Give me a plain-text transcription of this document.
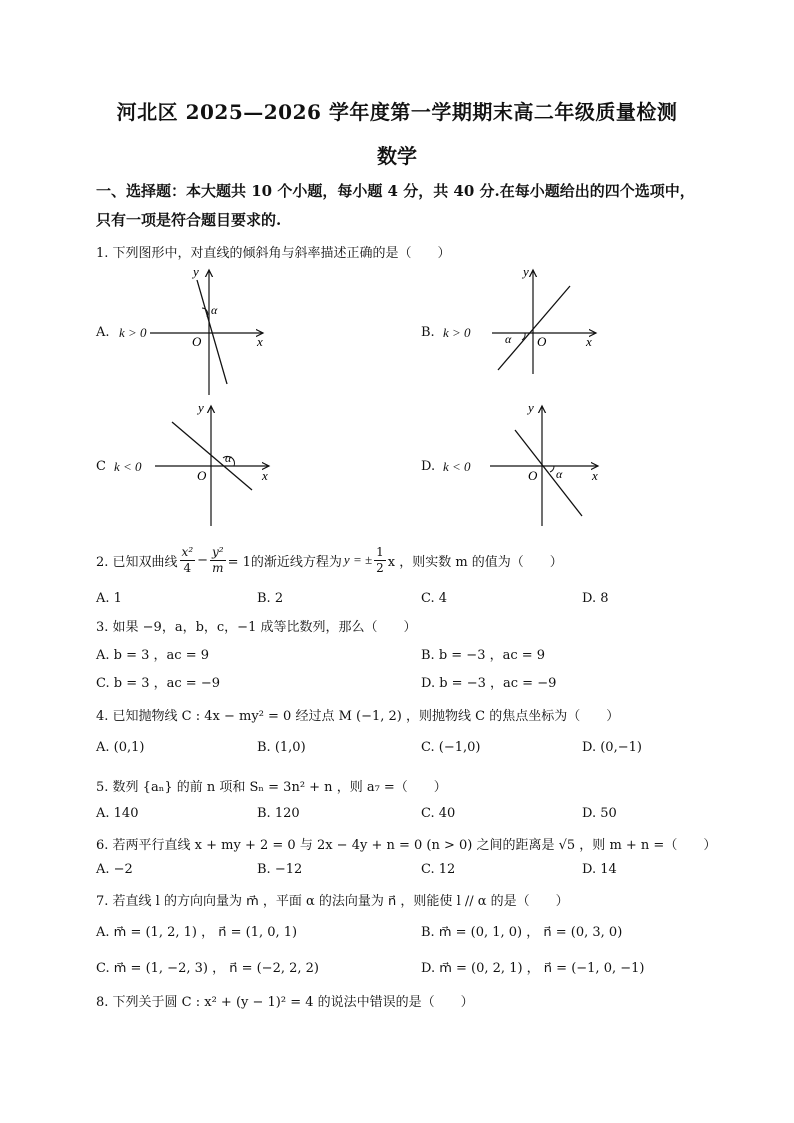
河北区 2025—2026 学年度第一学期期末高二年级质量检测
数学
一、选择题：本大题共 10 个小题，每小题 4 分，共 40 分.在每小题给出的四个选项中，
只有一项是符合题目要求的.
1. 下列图形中，对直线的倾斜角与斜率描述正确的是（　　）
A. k > 0
y
x
O
α
B. k > 0
y
x
O
α
C k < 0
y
x
O
α
D. k < 0
y
x
O α
2. 已知双曲线 $\frac{\text{x²}}{4} - \frac{\text{y²}}{m} = 1$的渐近线方程为 y = ± $\frac{1}{2}$ x ，则实数 m 的值为（　　）
A. 1	B. 2	C. 4	D. 8
3. 如果 −9，a，b，c，−1 成等比数列，那么（　　）
A. b = 3 ，ac = 9	B. b = −3 ，ac = 9
C. b = 3 ，ac = −9	D. b = −3 ，ac = −9
4. 已知抛物线 C : 4x − my² = 0 经过点 M (−1, 2) ，则抛物线 C 的焦点坐标为（　　）
A. (0,1)	B. (1,0)	C. (−1,0)	D. (0,−1)
5. 数列 {aₙ} 的前 n 项和 Sₙ = 3n² + n ，则 a₇ =（　　）
A. 140	B. 120	C. 40	D. 50
6. 若两平行直线 x + my + 2 = 0 与 2x − 4y + n = 0 (n > 0) 之间的距离是 √5 ，则 m + n =（　　）
A. −2	B. −12	C. 12	D. 14
7. 若直线 l 的方向向量为 m⃗ ，平面 α 的法向量为 n⃗ ，则能使 l // α 的是（　　）
A. m⃗ = (1, 2, 1) ， n⃗ = (1, 0, 1)	B. m⃗ = (0, 1, 0) ， n⃗ = (0, 3, 0)
C. m⃗ = (1, −2, 3) ， n⃗ = (−2, 2, 2)	D. m⃗ = (0, 2, 1) ， n⃗ = (−1, 0, −1)
8. 下列关于圆 C : x² + (y − 1)² = 4 的说法中错误的是（　　）
